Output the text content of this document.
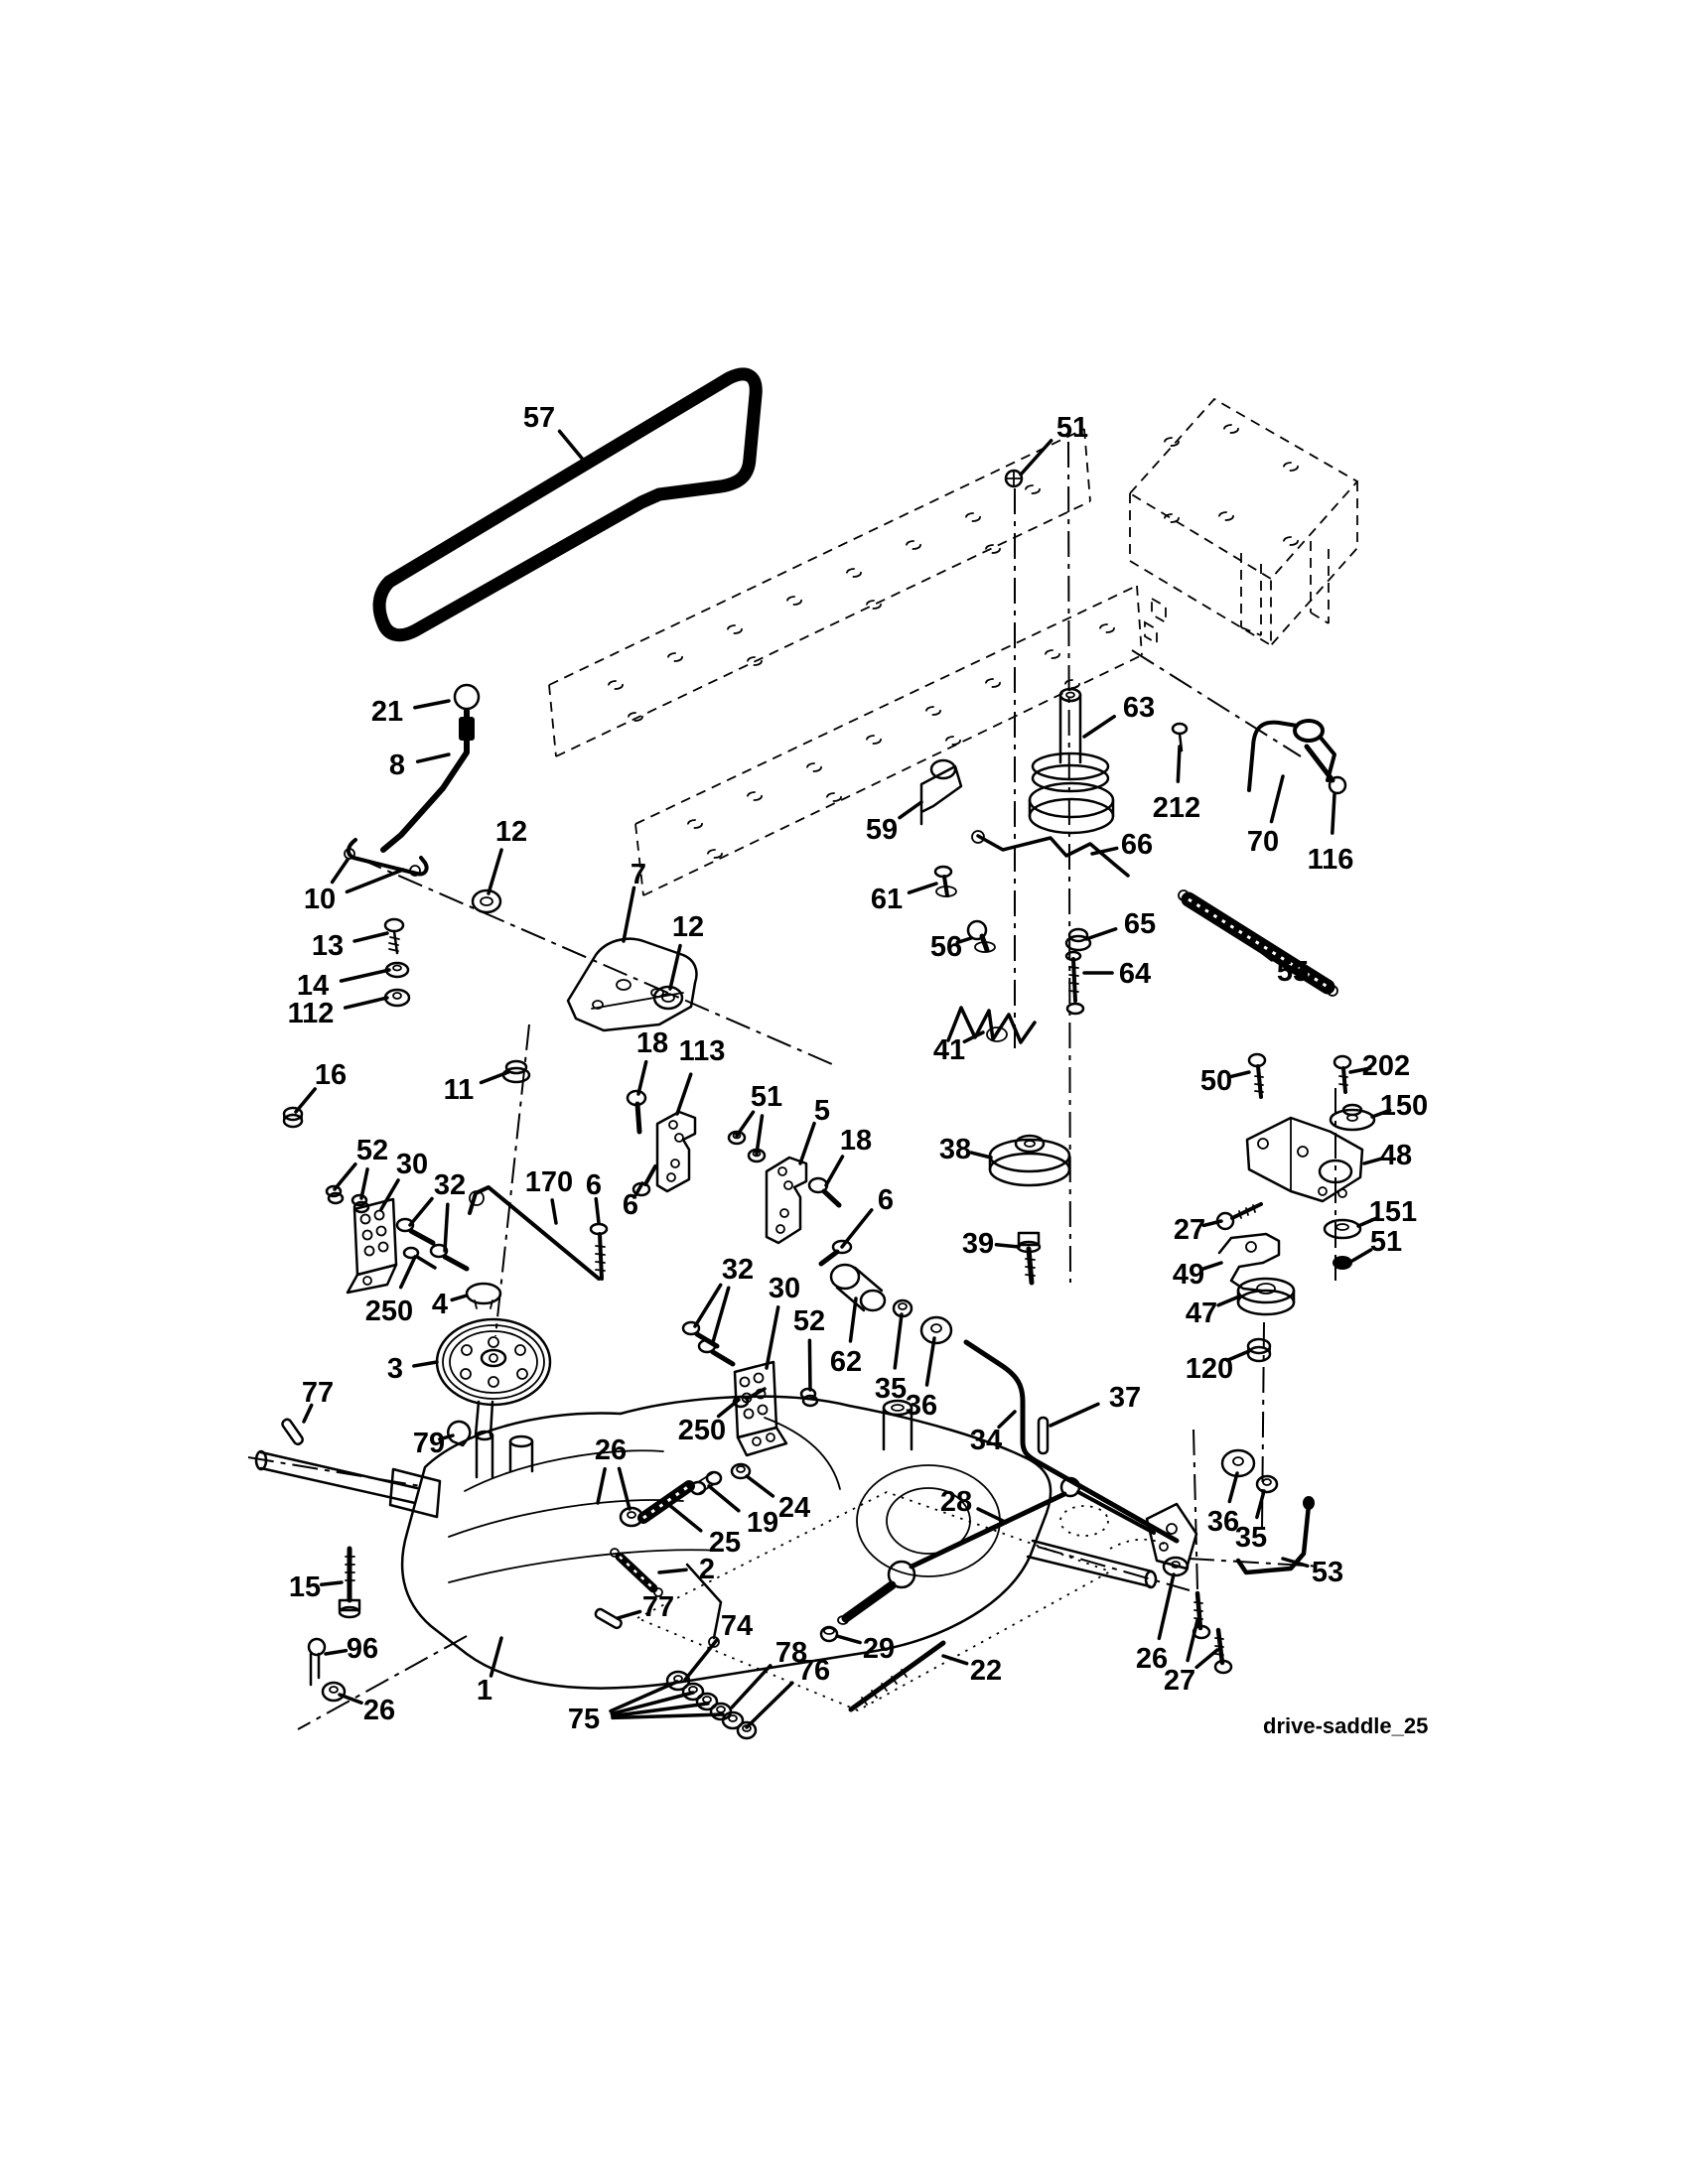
57	51
21
8
63
212
70
116
59	66
61
65
64	55
56
10
12
7
12
13
14
112
16	11
18 113
51 5
18
41
38
39
6
6	6
170
50	202
150
48
27
151
51
49
47
120
52 30
32
250 4
3
77
79
32
30
52
250
62
35
36
34
37
26
25
19 24
2
77
74
78
76
75
29
28
22
53
36
35
26
27
15
96
26
1
drive-saddle_25
